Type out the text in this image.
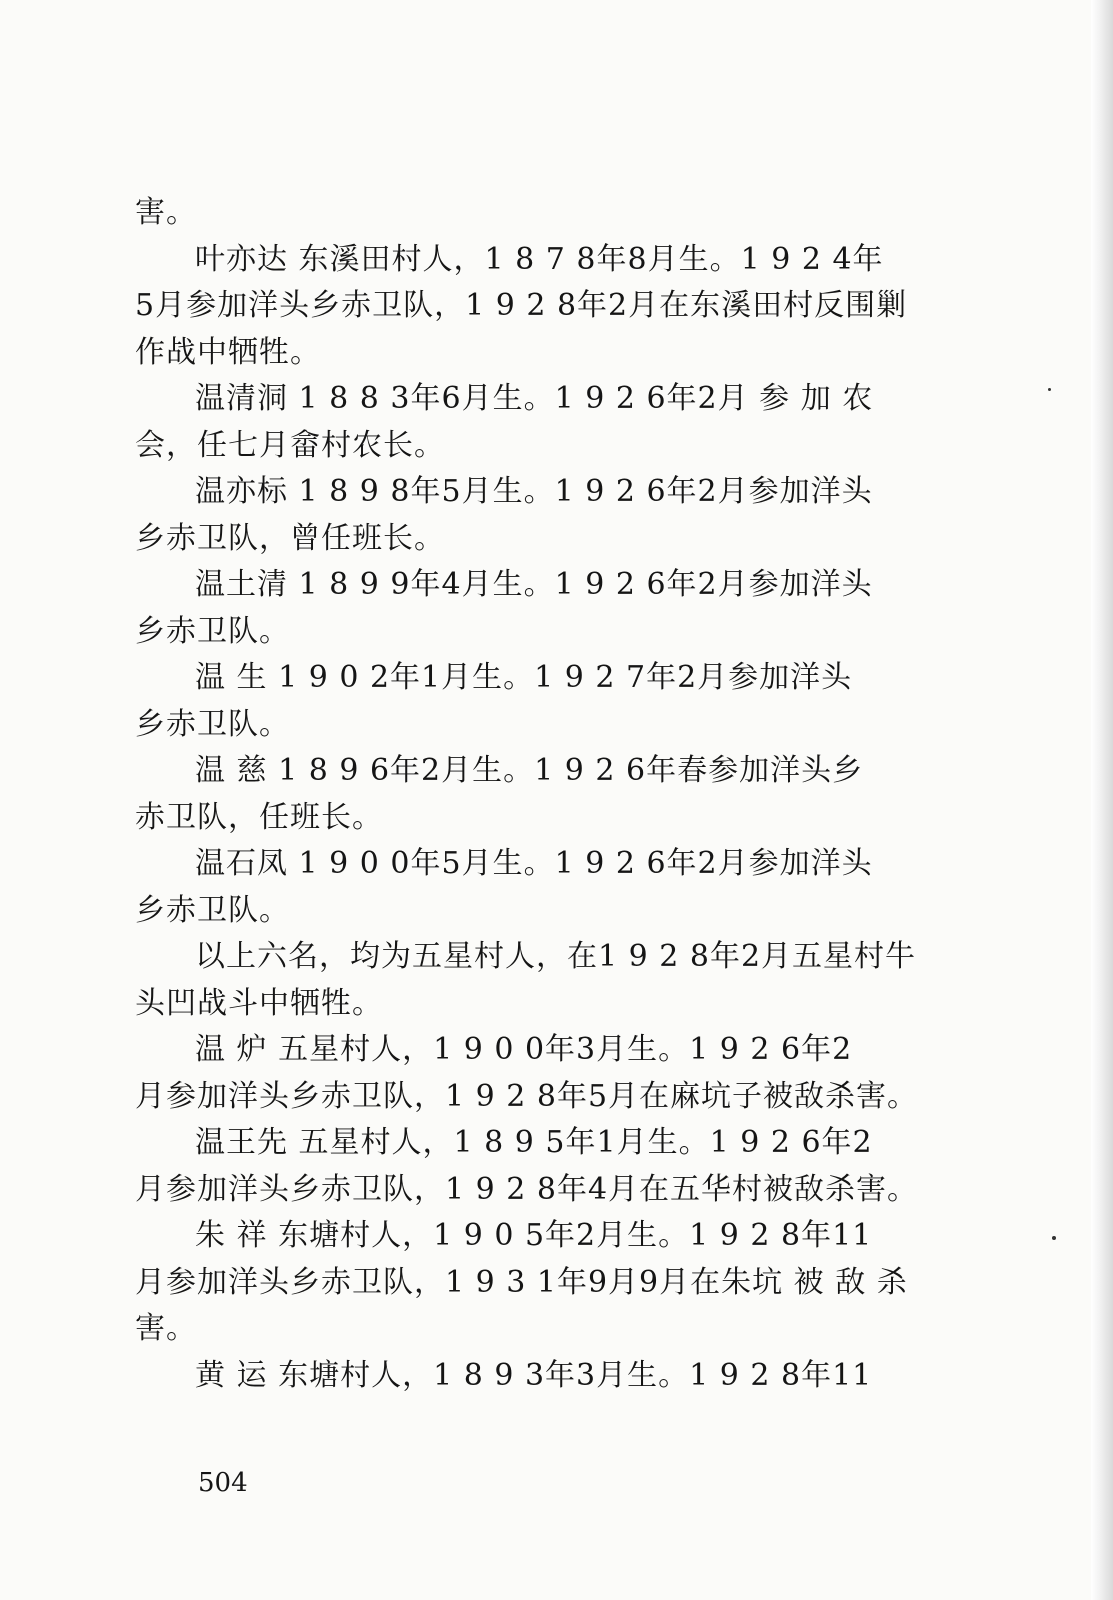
害。
叶亦达 东溪田村人，1 8 7 8年8月生。1 9 2 4年
5月参加洋头乡赤卫队，1 9 2 8年2月在东溪田村反围剿
作战中牺牲。
温清洞 1 8 8 3年6月生。1 9 2 6年2月 参 加 农
会，任七月畲村农长。
温亦标 1 8 9 8年5月生。1 9 2 6年2月参加洋头
乡赤卫队，曾任班长。
温土清 1 8 9 9年4月生。1 9 2 6年2月参加洋头
乡赤卫队。
温 生 1 9 0 2年1月生。1 9 2 7年2月参加洋头
乡赤卫队。
温 慈 1 8 9 6年2月生。1 9 2 6年春参加洋头乡
赤卫队，任班长。
温石凤 1 9 0 0年5月生。1 9 2 6年2月参加洋头
乡赤卫队。
以上六名，均为五星村人，在1 9 2 8年2月五星村牛
头凹战斗中牺牲。
温 炉 五星村人，1 9 0 0年3月生。1 9 2 6年2
月参加洋头乡赤卫队，1 9 2 8年5月在麻坑子被敌杀害。
温王先 五星村人，1 8 9 5年1月生。1 9 2 6年2
月参加洋头乡赤卫队，1 9 2 8年4月在五华村被敌杀害。
朱 祥 东塘村人，1 9 0 5年2月生。1 9 2 8年11
月参加洋头乡赤卫队，1 9 3 1年9月9月在朱坑 被 敌 杀
害。
黄 运 东塘村人，1 8 9 3年3月生。1 9 2 8年11
504
